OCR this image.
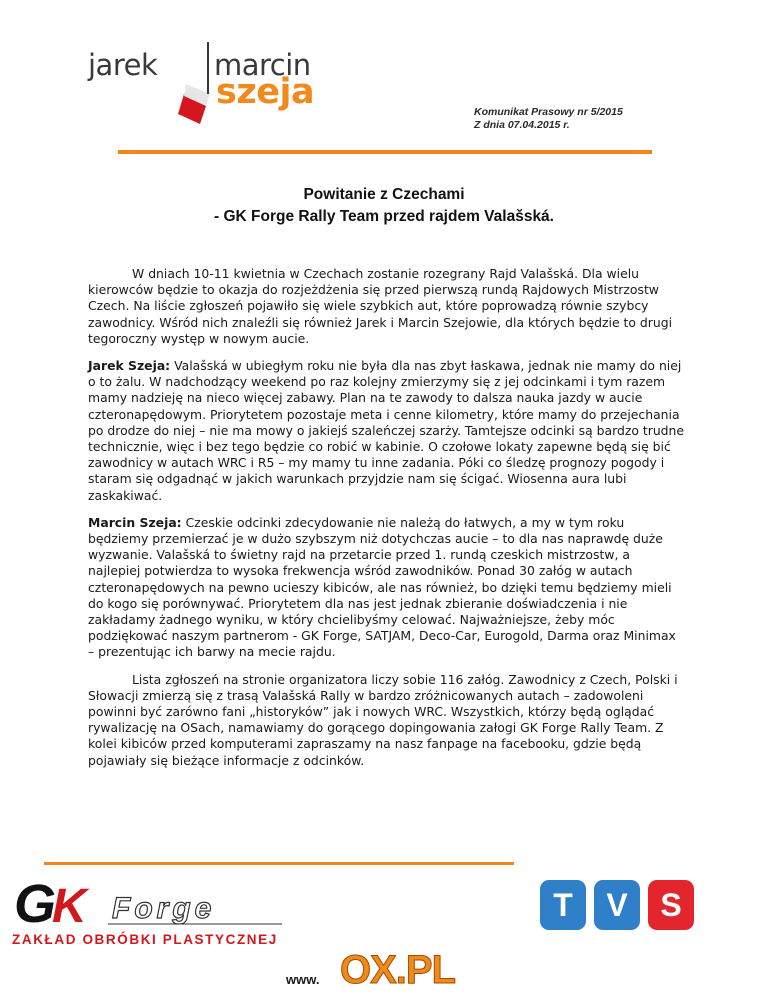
jarek marcin
szeja	Komunikat Prasowy nr 5/2015
Z dnia 07.04.2015 r.
Powitanie z Czechami
- GK Forge Rally Team przed rajdem Valašská.

W dniach 10-11 kwietnia w Czechach zostanie rozegrany Rajd Valašská. Dla wielu kierowców będzie to okazja do rozjeżdżenia się przed pierwszą rundą Rajdowych Mistrzostw Czech. Na liście zgłoszeń pojawiło się wiele szybkich aut, które poprowadzą równie szybcy zawodnicy. Wśród nich znaleźli się również Jarek i Marcin Szejowie, dla których będzie to drugi tegoroczny występ w nowym aucie.

Jarek Szeja: Valašská w ubiegłym roku nie była dla nas zbyt łaskawa, jednak nie mamy do niej o to żalu. W nadchodzący weekend po raz kolejny zmierzymy się z jej odcinkami i tym razem mamy nadzieję na nieco więcej zabawy. Plan na te zawody to dalsza nauka jazdy w aucie czteronapędowym. Priorytetem pozostaje meta i cenne kilometry, które mamy do przejechania po drodze do niej – nie ma mowy o jakiejś szaleńczej szarży. Tamtejsze odcinki są bardzo trudne technicznie, więc i bez tego będzie co robić w kabinie. O czołowe lokaty zapewne będą się bić zawodnicy w autach WRC i R5 – my mamy tu inne zadania. Póki co śledzę prognozy pogody i staram się odgadnąć w jakich warunkach przyjdzie nam się ścigać. Wiosenna aura lubi zaskakiwać.

Marcin Szeja: Czeskie odcinki zdecydowanie nie należą do łatwych, a my w tym roku będziemy przemierzać je w dużo szybszym niż dotychczas aucie – to dla nas naprawdę duże wyzwanie. Valašská to świetny rajd na przetarcie przed 1. rundą czeskich mistrzostw, a najlepiej potwierdza to wysoka frekwencja wśród zawodników. Ponad 30 załóg w autach czteronapędowych na pewno ucieszy kibiców, ale nas również, bo dzięki temu będziemy mieli do kogo się porównywać. Priorytetem dla nas jest jednak zbieranie doświadczenia i nie zakładamy żadnego wyniku, w który chcielibyśmy celować. Najważniejsze, żeby móc podziękować naszym partnerom - GK Forge, SATJAM, Deco-Car, Eurogold, Darma oraz Minimax – prezentując ich barwy na mecie rajdu.

Lista zgłoszeń na stronie organizatora liczy sobie 116 załóg. Zawodnicy z Czech, Polski i Słowacji zmierzą się z trasą Valašská Rally w bardzo zróżnicowanych autach – zadowoleni powinni być zarówno fani „historyków” jak i nowych WRC. Wszystkich, którzy będą oglądać rywalizację na OSach, namawiamy do gorącego dopingowania załogi GK Forge Rally Team. Z kolei kibiców przed komputerami zapraszamy na nasz fanpage na facebooku, gdzie będą pojawiały się bieżące informacje z odcinków.

G
K Forge
ZAKŁAD OBRÓBKI PLASTYCZNEJ
T	V	S
www. OX.PL
